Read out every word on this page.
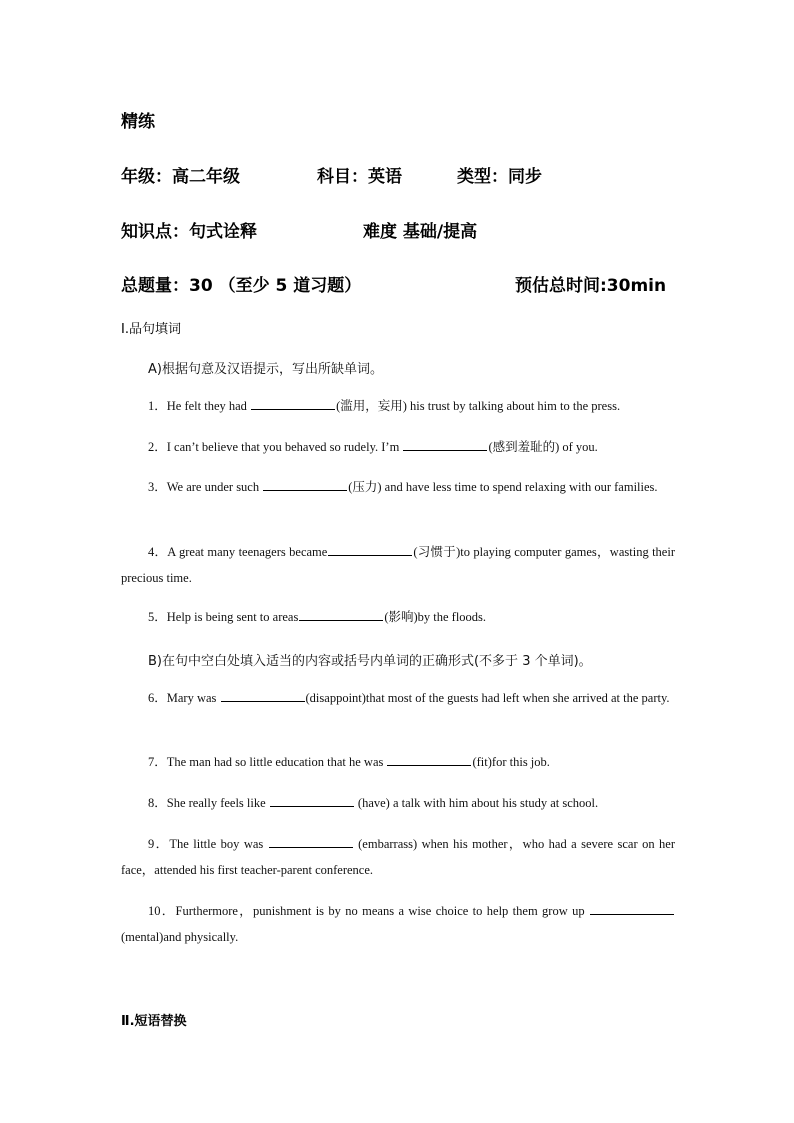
精练
年级：高二年级	科目：英语	类型：同步
知识点：句式诠释	难度 基础/提高
总题量：30 （至少 5 道习题）	预估总时间:30min
Ⅰ.品句填词
A)根据句意及汉语提示，写出所缺单词。
1．He felt they had	(滥用，妄用) his trust by talking about him to the press.
2．I can’t believe that you behaved so rudely. I’m	(感到羞耻的) of you.
3．We are under such	(压力) and have less time to spend relaxing with our families.
4．A great many teenagers became	(习惯于)to playing computer games，wasting their precious time.
5．Help is being sent to areas	(影响)by the floods.
B)在句中空白处填入适当的内容或括号内单词的正确形式(不多于 3 个单词)。
6．Mary was	(disappoint)that most of the guests had left when she arrived at the party.
7．The man had so little education that he was	(fit)for this job.
8．She really feels like	(have) a talk with him about his study at school.
9．The little boy was	(embarrass) when his mother，who had a severe scar on her face，attended his first teacher-parent conference.
10．Furthermore，punishment is by no means a wise choice to help them grow up (mental)and physically.
Ⅱ.短语替换
